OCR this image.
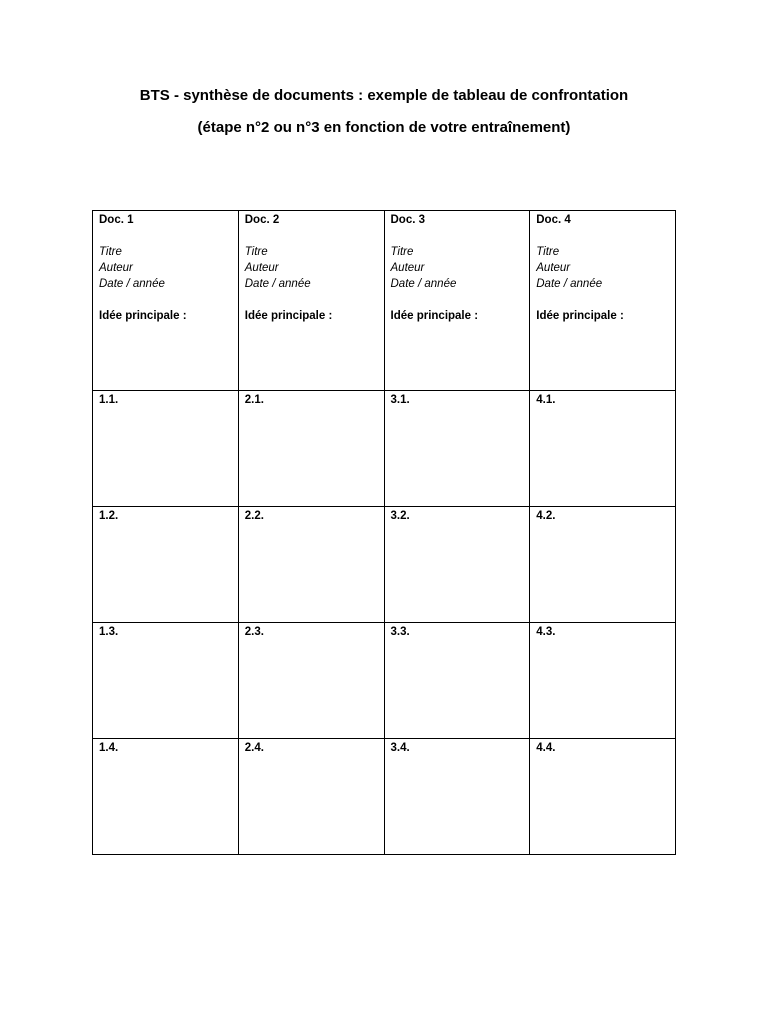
BTS - synthèse de documents : exemple de tableau de confrontation
(étape n°2 ou n°3 en fonction de votre entraînement)
Doc. 1
Titre
Auteur
Date / année
Idée principale :	Doc. 2
Titre
Auteur
Date / année
Idée principale :	Doc. 3
Titre
Auteur
Date / année
Idée principale :	Doc. 4
Titre
Auteur
Date / année
Idée principale :

1.1.	2.1.	3.1.	4.1.

1.2.	2.2.	3.2.	4.2.

1.3.	2.3.	3.3.	4.3.

1.4.	2.4.	3.4.	4.4.
